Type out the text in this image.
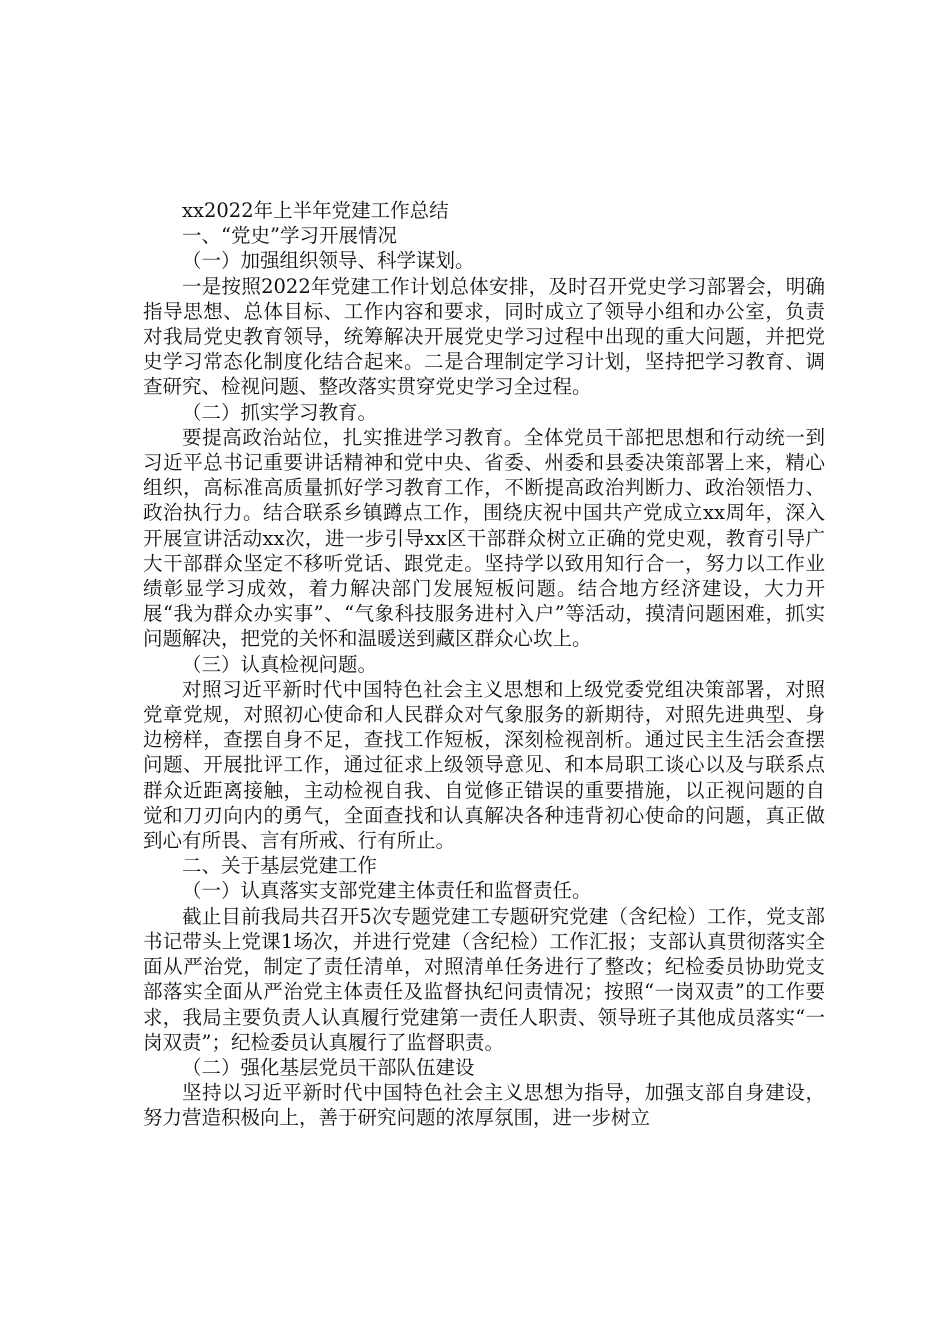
xx2022年上半年党建工作总结

一、“党史”学习开展情况

（一）加强组织领导、科学谋划。

一是按照2022年党建工作计划总体安排，及时召开党史学习部署会，明确指导思想、总体目标、工作内容和要求，同时成立了领导小组和办公室，负责对我局党史教育领导，统筹解决开展党史学习过程中出现的重大问题，并把党史学习常态化制度化结合起来。二是合理制定学习计划，坚持把学习教育、调查研究、检视问题、整改落实贯穿党史学习全过程。

（二）抓实学习教育。

要提高政治站位，扎实推进学习教育。全体党员干部把思想和行动统一到习近平总书记重要讲话精神和党中央、省委、州委和县委决策部署上来，精心组织，高标准高质量抓好学习教育工作，不断提高政治判断力、政治领悟力、政治执行力。结合联系乡镇蹲点工作，围绕庆祝中国共产党成立xx周年，深入开展宣讲活动xx次，进一步引导xx区干部群众树立正确的党史观，教育引导广大干部群众坚定不移听党话、跟党走。坚持学以致用知行合一，努力以工作业绩彰显学习成效，着力解决部门发展短板问题。结合地方经济建设，大力开展“我为群众办实事”、“气象科技服务进村入户”等活动，摸清问题困难，抓实问题解决，把党的关怀和温暖送到藏区群众心坎上。

（三）认真检视问题。

对照习近平新时代中国特色社会主义思想和上级党委党组决策部署，对照党章党规，对照初心使命和人民群众对气象服务的新期待，对照先进典型、身边榜样，查摆自身不足，查找工作短板，深刻检视剖析。通过民主生活会查摆问题、开展批评工作，通过征求上级领导意见、和本局职工谈心以及与联系点群众近距离接触，主动检视自我、自觉修正错误的重要措施，以正视问题的自觉和刀刃向内的勇气，全面查找和认真解决各种违背初心使命的问题，真正做到心有所畏、言有所戒、行有所止。

二、关于基层党建工作

（一）认真落实支部党建主体责任和监督责任。

截止目前我局共召开5次专题党建工专题研究党建（含纪检）工作，党支部书记带头上党课1场次，并进行党建（含纪检）工作汇报；支部认真贯彻落实全面从严治党，制定了责任清单，对照清单任务进行了整改；纪检委员协助党支部落实全面从严治党主体责任及监督执纪问责情况；按照“一岗双责”的工作要求，我局主要负责人认真履行党建第一责任人职责、领导班子其他成员落实“一岗双责”；纪检委员认真履行了监督职责。

（二）强化基层党员干部队伍建设

坚持以习近平新时代中国特色社会主义思想为指导，加强支部自身建设，努力营造积极向上，善于研究问题的浓厚氛围，进一步树立
